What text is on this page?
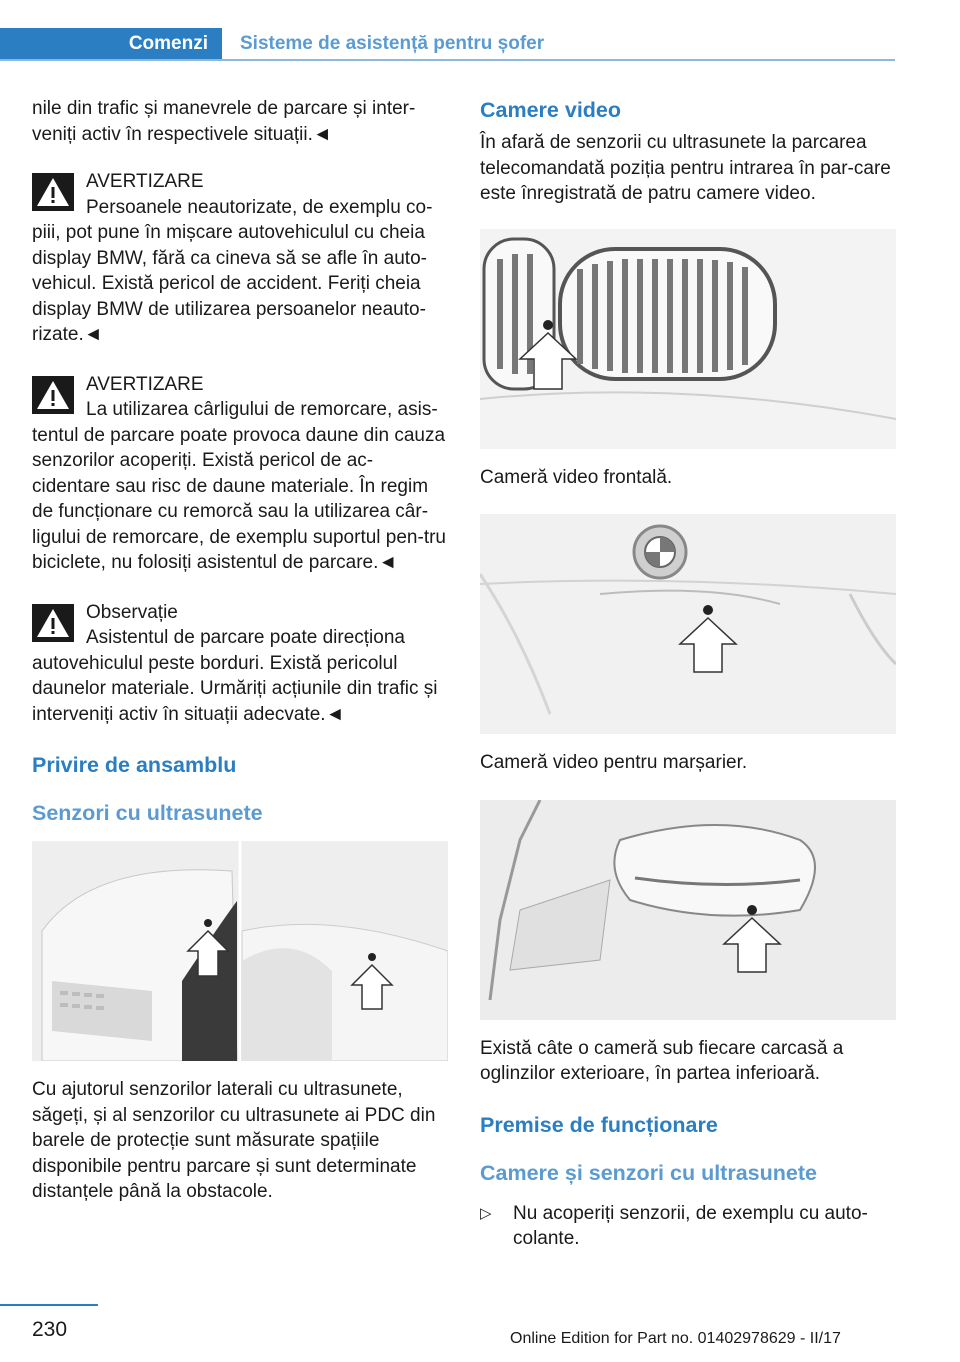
Comenzi Sisteme de asistență pentru șofer

nile din trafic și manevrele de parcare și inter-veniți activ în respectivele situații.◄

AVERTIZARE
Persoanele neautorizate, de exemplu co-piii, pot pune în mișcare autovehiculul cu cheia display BMW, fără ca cineva să se afle în auto-vehicul. Există pericol de accident. Feriți cheia display BMW de utilizarea persoanelor neauto-rizate.◄
AVERTIZARE
La utilizarea cârligului de remorcare, asis-tentul de parcare poate provoca daune din cauza senzorilor acoperiți. Există pericol de ac-cidentare sau risc de daune materiale. În regim de funcționare cu remorcă sau la utilizarea câr-ligului de remorcare, de exemplu suportul pen-tru biciclete, nu folosiți asistentul de parcare.◄
Observație
Asistentul de parcare poate direcționa autovehiculul peste borduri. Există pericolul daunelor materiale. Urmăriți acțiunile din trafic și interveniți activ în situații adecvate.◄
Privire de ansamblu
Senzori cu ultrasunete

Cu ajutorul senzorilor laterali cu ultrasunete, săgeți, și al senzorilor cu ultrasunete ai PDC din barele de protecție sunt măsurate spațiile disponibile pentru parcare și sunt determinate distanțele până la obstacole.

Camere video

În afară de senzorii cu ultrasunete la parcarea telecomandată poziția pentru intrarea în par-care este înregistrată de patru camere video.

Cameră video frontală.

Cameră video pentru marșarier.

Există câte o cameră sub fiecare carcasă a oglinzilor exterioare, în partea inferioară.

Premise de funcționare
Camere și senzori cu ultrasunete
▷ Nu acoperiți senzorii, de exemplu cu auto-colante.
230	Online Edition for Part no. 01402978629 - II/17
